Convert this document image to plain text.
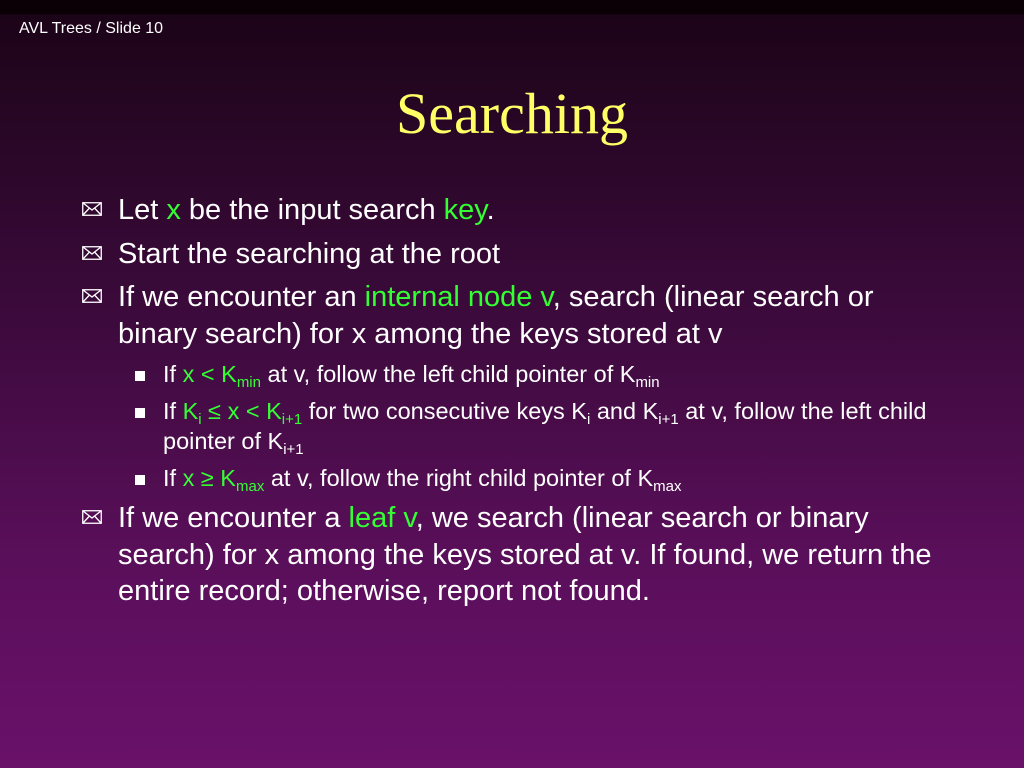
AVL Trees / Slide 10
Searching
Let x be the input search key.
Start the searching at the root
If we encounter an internal node v, search (linear search or binary search) for x among the keys stored at v
If $x < K_{min}$ at v, follow the left child pointer of $K_{min}$
If $K_i \le x < K_{i+1}$ for two consecutive keys $K_i$ and $K_{i+1}$ at v, follow the left child pointer of $K_{i+1}$
If $x \ge K_{max}$ at v, follow the right child pointer of $K_{max}$
If we encounter a leaf v, we search (linear search or binary search) for x among the keys stored at v. If found, we return the entire record; otherwise, report not found.
